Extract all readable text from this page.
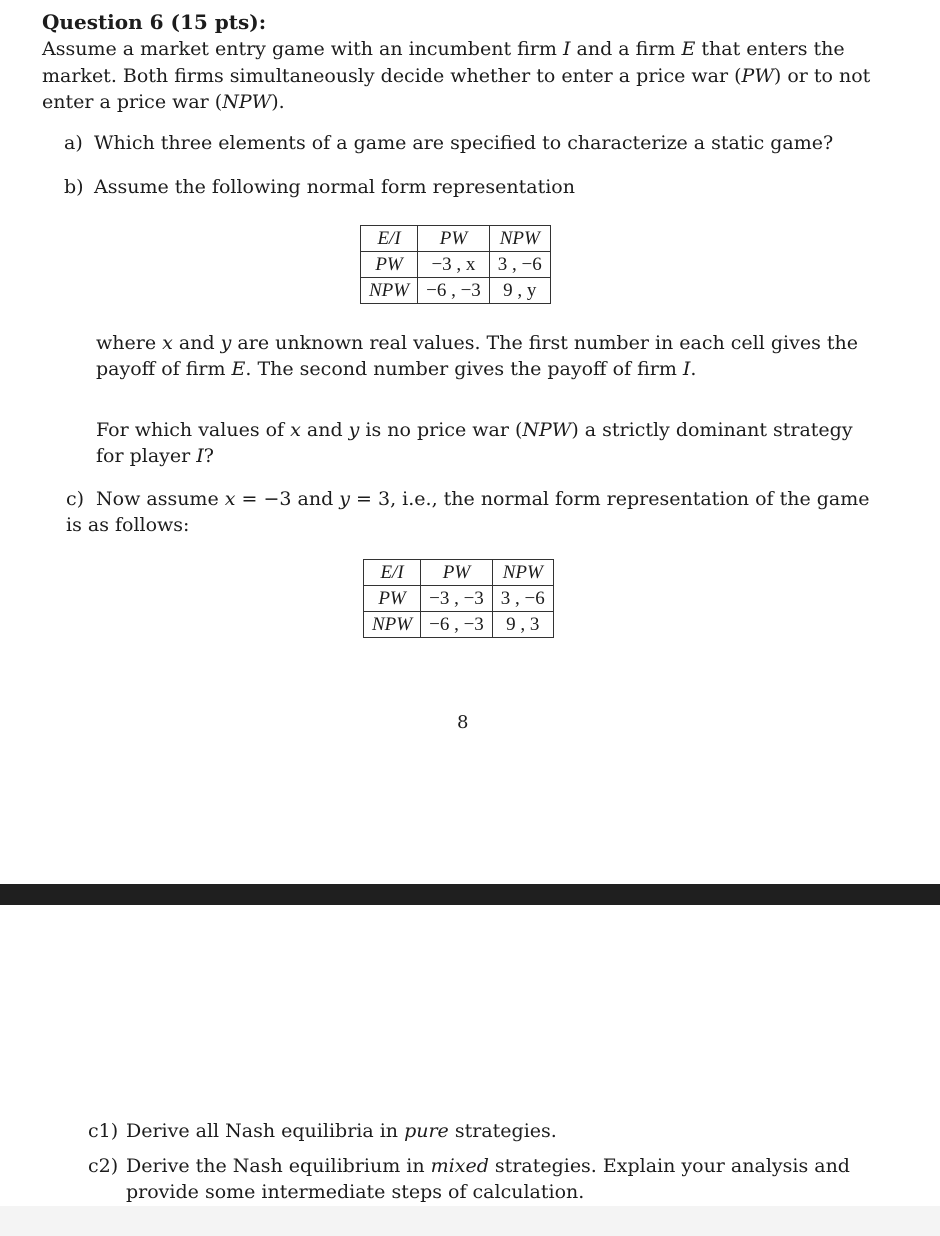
Question 6 (15 pts):
Assume a market entry game with an incumbent firm I and a firm E that enters the market. Both firms simultaneously decide whether to enter a price war (PW) or to not enter a price war (NPW).
a) Which three elements of a game are specified to characterize a static game?
b) Assume the following normal form representation
E/I	PW	NPW
PW	−3 , x	3 , −6
NPW	−6 , −3	9 , y
where x and y are unknown real values. The first number in each cell gives the payoff of firm E. The second number gives the payoff of firm I.
For which values of x and y is no price war (NPW) a strictly dominant strategy for player I?
c) Now assume x = −3 and y = 3, i.e., the normal form representation of the game is as follows:
E/I	PW	NPW
PW	−3 , −3	3 , −6
NPW	−6 , −3	9 , 3
8
c1) Derive all Nash equilibria in pure strategies.
c2) Derive the Nash equilibrium in mixed strategies. Explain your analysis and provide some intermediate steps of calculation.
